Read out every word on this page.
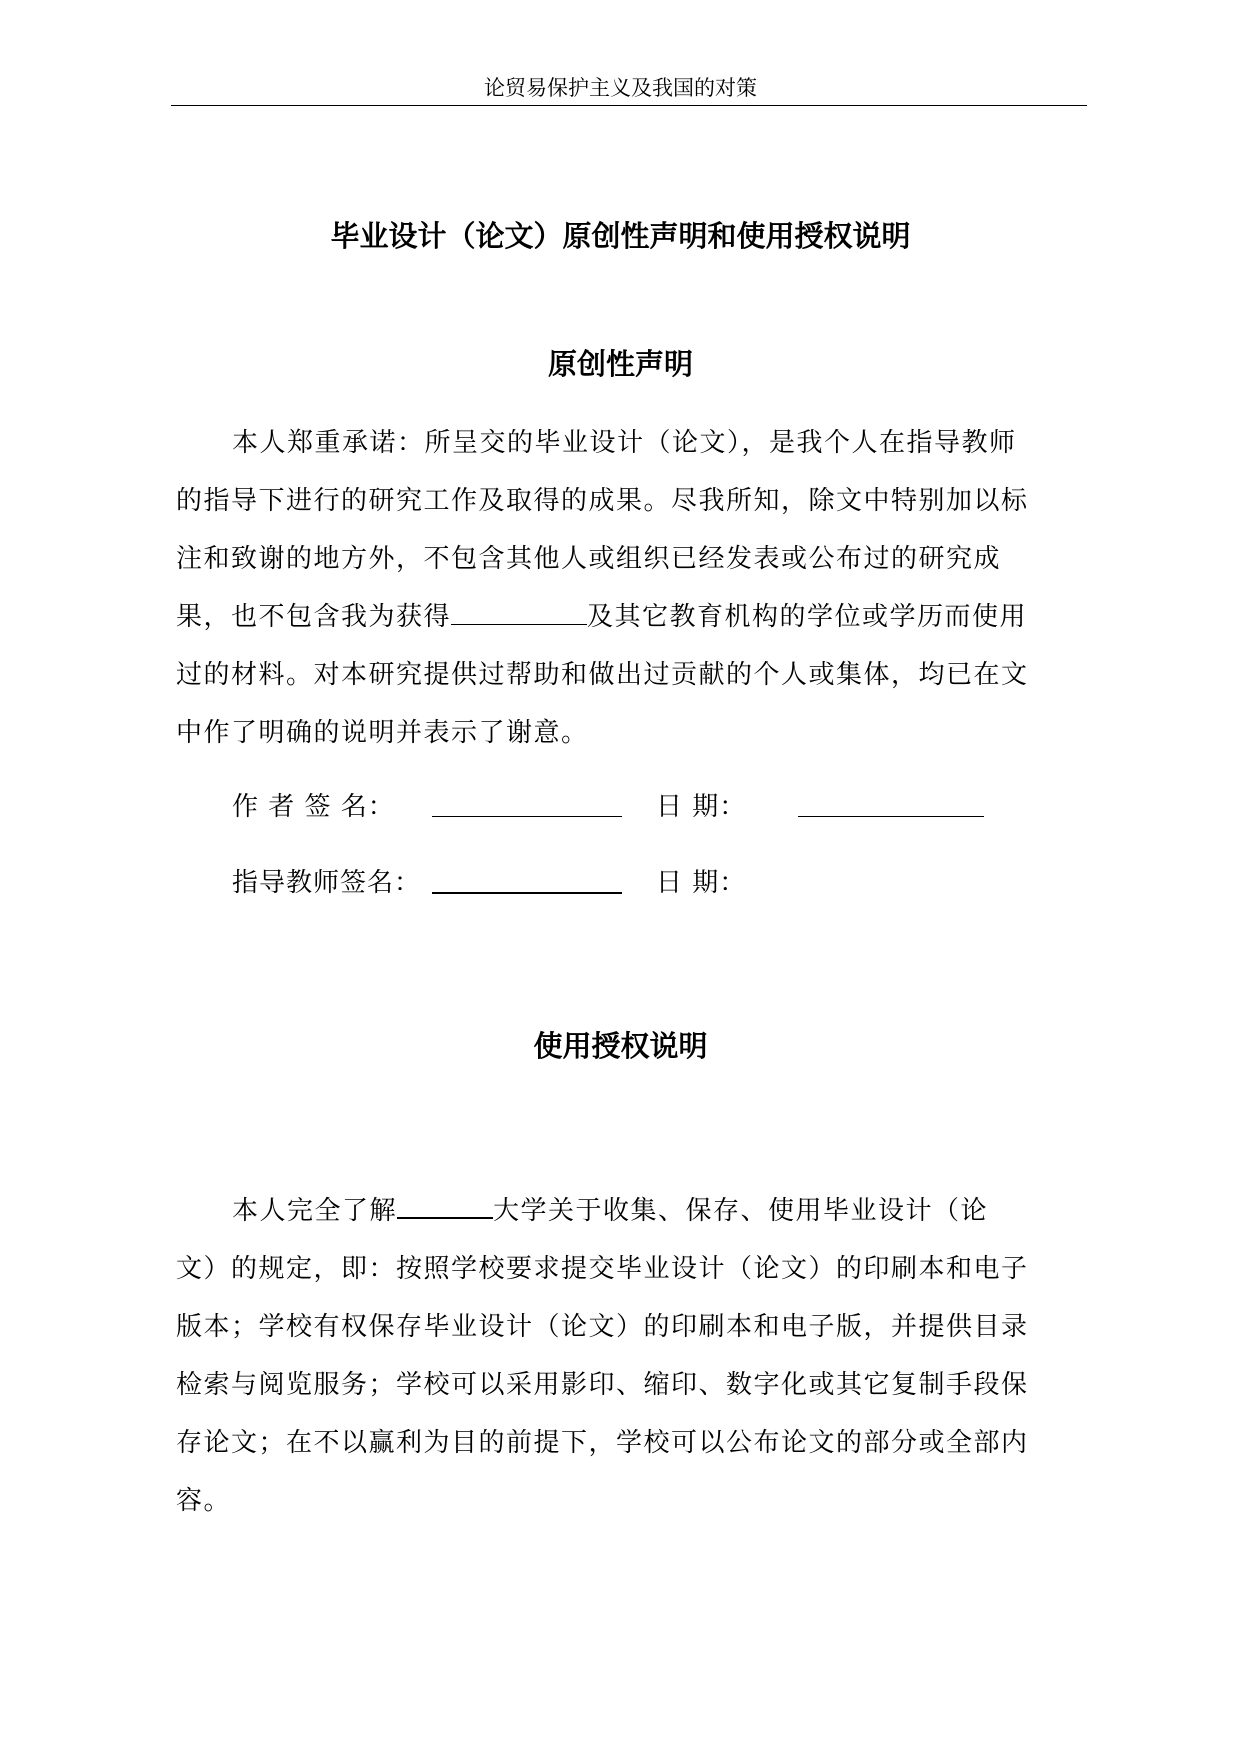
论贸易保护主义及我国的对策
毕业设计（论文）原创性声明和使用授权说明
原创性声明
本人郑重承诺：所呈交的毕业设计（论文），是我个人在指导教师
的指导下进行的研究工作及取得的成果。尽我所知，除文中特别加以标
注和致谢的地方外，不包含其他人或组织已经发表或公布过的研究成
果，也不包含我为获得	及其它教育机构的学位或学历而使用
过的材料。对本研究提供过帮助和做出过贡献的个人或集体，均已在文
中作了明确的说明并表示了谢意。
作 者 签 名：	日 期：
指导教师签名：	日 期：
使用授权说明
本人完全了解	大学关于收集、保存、使用毕业设计（论
文）的规定，即：按照学校要求提交毕业设计（论文）的印刷本和电子
版本；学校有权保存毕业设计（论文）的印刷本和电子版，并提供目录
检索与阅览服务；学校可以采用影印、缩印、数字化或其它复制手段保
存论文；在不以赢利为目的前提下，学校可以公布论文的部分或全部内
容。
